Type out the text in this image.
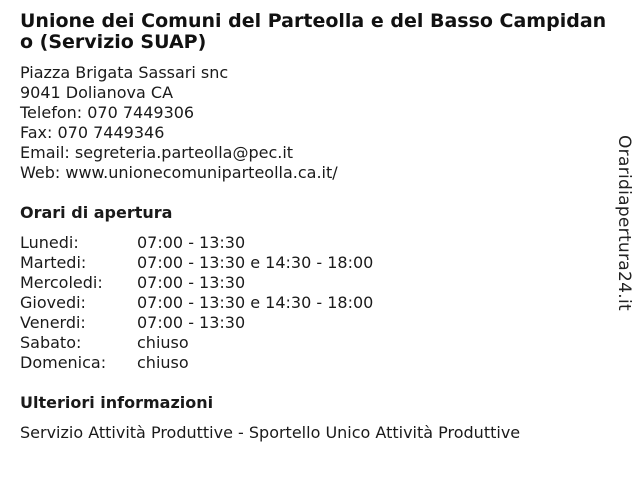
Unione dei Comuni del Parteolla e del Basso Campidano (Servizio SUAP)
Piazza Brigata Sassari snc
9041 Dolianova CA
Telefon: 070 7449306
Fax: 070 7449346
Email: segreteria.parteolla@pec.it
Web: www.unionecomuniparteolla.ca.it/
Orari di apertura
Lunedi:	07:00 - 13:30
Martedi:	07:00 - 13:30 e 14:30 - 18:00
Mercoledi:	07:00 - 13:30
Giovedi:	07:00 - 13:30 e 14:30 - 18:00
Venerdi:	07:00 - 13:30
Sabato:	chiuso
Domenica:	chiuso
Ulteriori informazioni
Servizio Attività Produttive - Sportello Unico Attività Produttive
Oraridiapertura24.it
